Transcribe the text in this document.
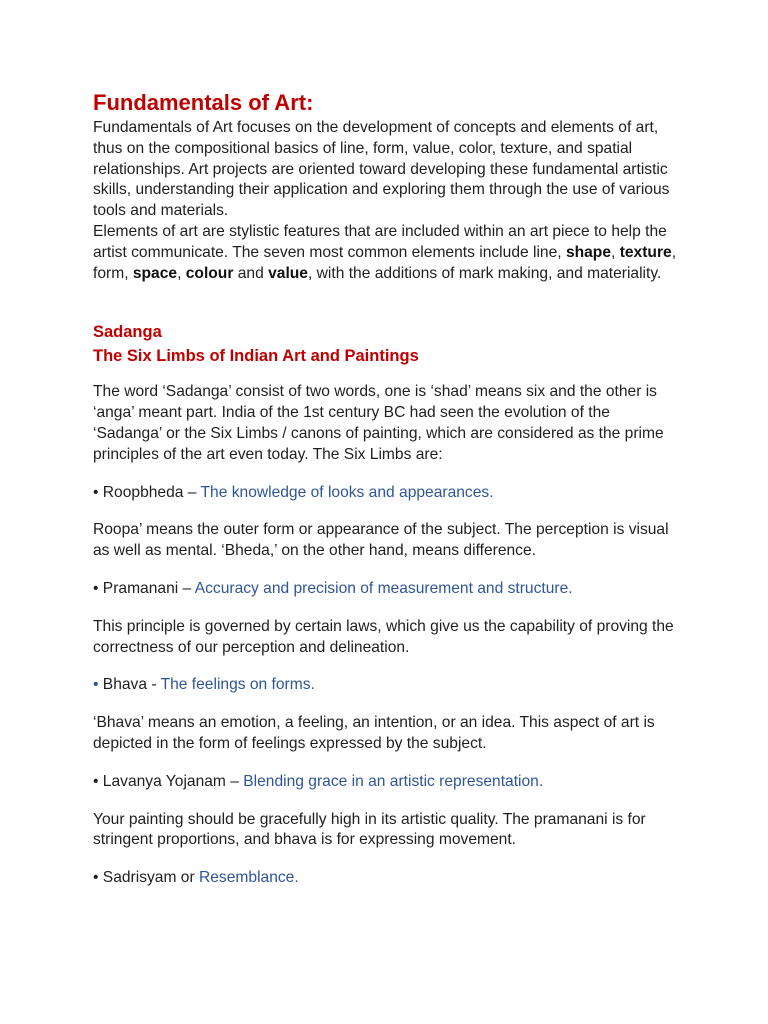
Fundamentals of Art:

Fundamentals of Art focuses on the development of concepts and elements of art, thus on the compositional basics of line, form, value, color, texture, and spatial relationships. Art projects are oriented toward developing these fundamental artistic skills, understanding their application and exploring them through the use of various tools and materials.

Elements of art are stylistic features that are included within an art piece to help the artist communicate. The seven most common elements include line, shape, texture, form, space, colour and value, with the additions of mark making, and materiality.

Sadanga
The Six Limbs of Indian Art and Paintings

The word ‘Sadanga’ consist of two words, one is ‘shad’ means six and the other is ‘anga’ meant part. India of the 1st century BC had seen the evolution of the ‘Sadanga’ or the Six Limbs / canons of painting, which are considered as the prime principles of the art even today. The Six Limbs are:

• Roopbheda – The knowledge of looks and appearances.

Roopa’ means the outer form or appearance of the subject. The perception is visual as well as mental. ‘Bheda,’ on the other hand, means difference.

• Pramanani – Accuracy and precision of measurement and structure.

This principle is governed by certain laws, which give us the capability of proving the correctness of our perception and delineation.

• Bhava - The feelings on forms.

‘Bhava’ means an emotion, a feeling, an intention, or an idea. This aspect of art is depicted in the form of feelings expressed by the subject.

• Lavanya Yojanam – Blending grace in an artistic representation.

Your painting should be gracefully high in its artistic quality. The pramanani is for stringent proportions, and bhava is for expressing movement.

• Sadrisyam or Resemblance.
